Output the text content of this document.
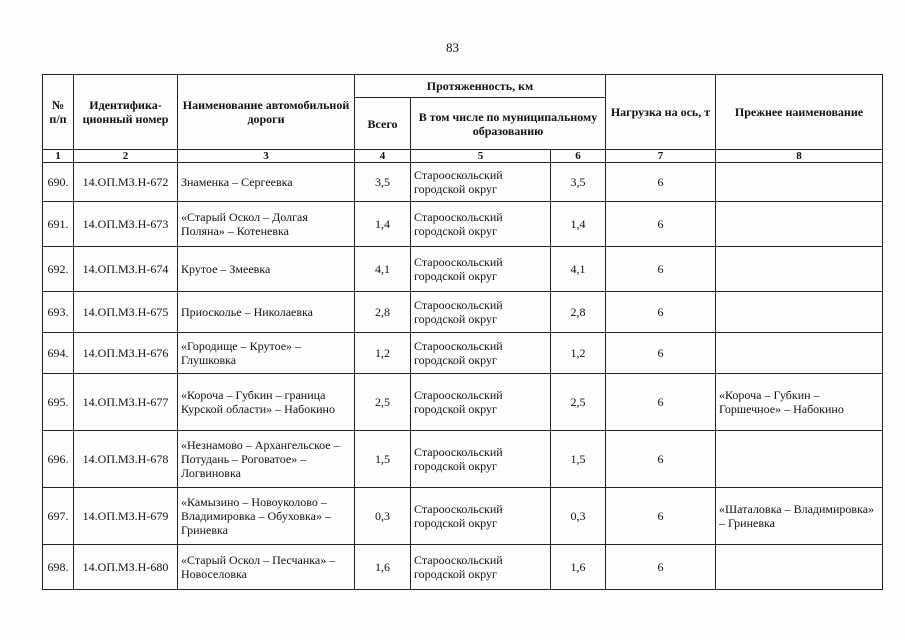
83
№ п/п	Идентифика-ционный номер	Наименование автомобильной дороги	Протяженность, км			Нагрузка на ось, т	Прежнее наименование
			Всего	В том числе по муниципальному образованию			
1	2	3	4	5	6	7	8
690.	14.ОП.МЗ.Н-672	Знаменка – Сергеевка	3,5	Старооскольский городской округ	3,5	6	
691.	14.ОП.МЗ.Н-673	«Старый Оскол – Долгая Поляна» – Котеневка	1,4	Старооскольский городской округ	1,4	6	
692.	14.ОП.МЗ.Н-674	Крутое – Змеевка	4,1	Старооскольский городской округ	4,1	6	
693.	14.ОП.МЗ.Н-675	Приосколье – Николаевка	2,8	Старооскольский городской округ	2,8	6	
694.	14.ОП.МЗ.Н-676	«Городище – Крутое» – Глушковка	1,2	Старооскольский городской округ	1,2	6	
695.	14.ОП.МЗ.Н-677	«Короча – Губкин – граница Курской области» – Набокино	2,5	Старооскольский городской округ	2,5	6	«Короча – Губкин – Горшечное» – Набокино
696.	14.ОП.МЗ.Н-678	«Незнамово – Архангельское – Потудань – Роговатое» – Логвиновка	1,5	Старооскольский городской округ	1,5	6	
697.	14.ОП.МЗ.Н-679	«Камызино – Новоуколово – Владимировка – Обуховка» – Гриневка	0,3	Старооскольский городской округ	0,3	6	«Шаталовка – Владимировка» – Гриневка
698.	14.ОП.МЗ.Н-680	«Старый Оскол – Песчанка» – Новоселовка	1,6	Старооскольский городской округ	1,6	6	
